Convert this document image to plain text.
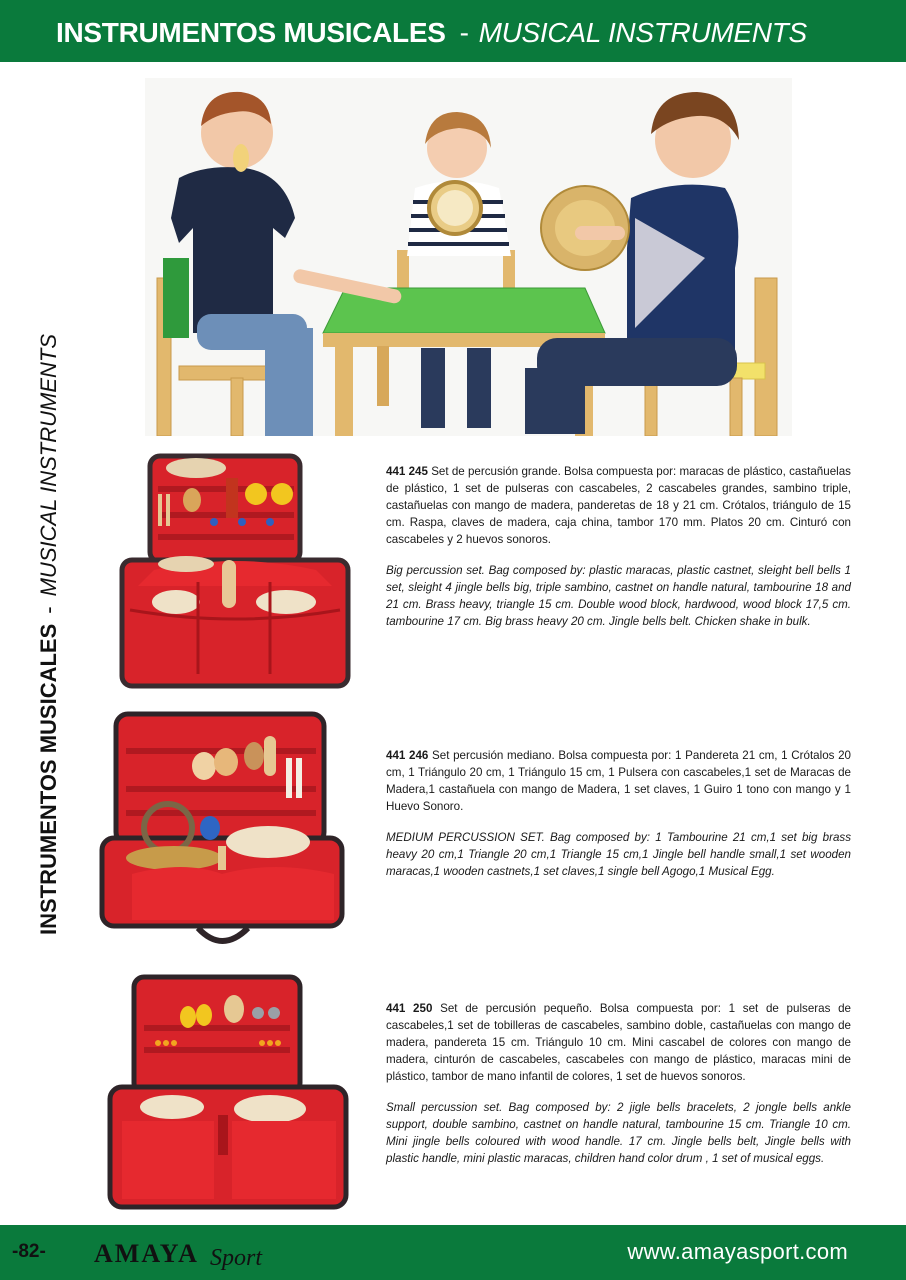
INSTRUMENTOS MUSICALES - MUSICAL INSTRUMENTS
INSTRUMENTOS MUSICALES-MUSICAL INSTRUMENTS	441 245 Set de percusión grande. Bolsa compuesta por: maracas de plástico, castañuelas de plástico, 1 set de pulseras con cascabeles, 2 cascabeles grandes, sambino triple, castañuelas con mango de madera, panderetas de 18 y 21 cm. Crótalos, triángulo de 15 cm. Raspa, claves de madera, caja china, tambor 170 mm. Platos 20 cm. Cinturó con cascabeles y 2 huevos sonoros.

Big percussion set. Bag composed by: plastic maracas, plastic castnet, sleight bell bells 1 set, sleight 4 jingle bells big, triple sambino, castnet on handle natural, tambourine 18 and 21 cm. Brass heavy, triangle 15 cm. Double wood block, hardwood, wood block 17,5 cm. tambourine 17 cm. Big brass heavy 20 cm. Jingle bells belt. Chicken shake in bulk.

441 246 Set percusión mediano. Bolsa compuesta por: 1 Pandereta 21 cm, 1 Crótalos 20 cm, 1 Triángulo 20 cm, 1 Triángulo 15 cm, 1 Pulsera con cascabeles,1 set de Maracas de Madera,1 castañuela con mango de Madera, 1 set claves, 1 Guiro 1 tono con mango y 1 Huevo Sonoro.

MEDIUM PERCUSSION SET. Bag composed by: 1 Tambourine 21 cm,1 set big brass heavy 20 cm,1 Triangle 20 cm,1 Triangle 15 cm,1 Jingle bell handle small,1 set wooden maracas,1 wooden castnets,1 set claves,1 single bell Agogo,1 Musical Egg.

441 250 Set de percusión pequeño. Bolsa compuesta por: 1 set de pulseras de cascabeles,1 set de tobilleras de cascabeles, sambino doble, castañuelas con mango de madera, pandereta 15 cm. Triángulo 10 cm. Mini cascabel de colores con mango de madera, cinturón de cascabeles, cascabeles con mango de plástico, maracas mini de plástico, tambor de mano infantil de colores, 1 set de huevos sonoros.

Small percussion set. Bag composed by: 2 jigle bells bracelets, 2 jongle bells ankle support, double sambino, castnet on handle natural, tambourine 15 cm. Triangle 10 cm. Mini jingle bells coloured with wood handle. 17 cm. Jingle bells belt, Jingle bells with plastic handle, mini plastic maracas, children hand color drum , 1 set of musical eggs.

-82- AMAYA Sport	www.amayasport.com
